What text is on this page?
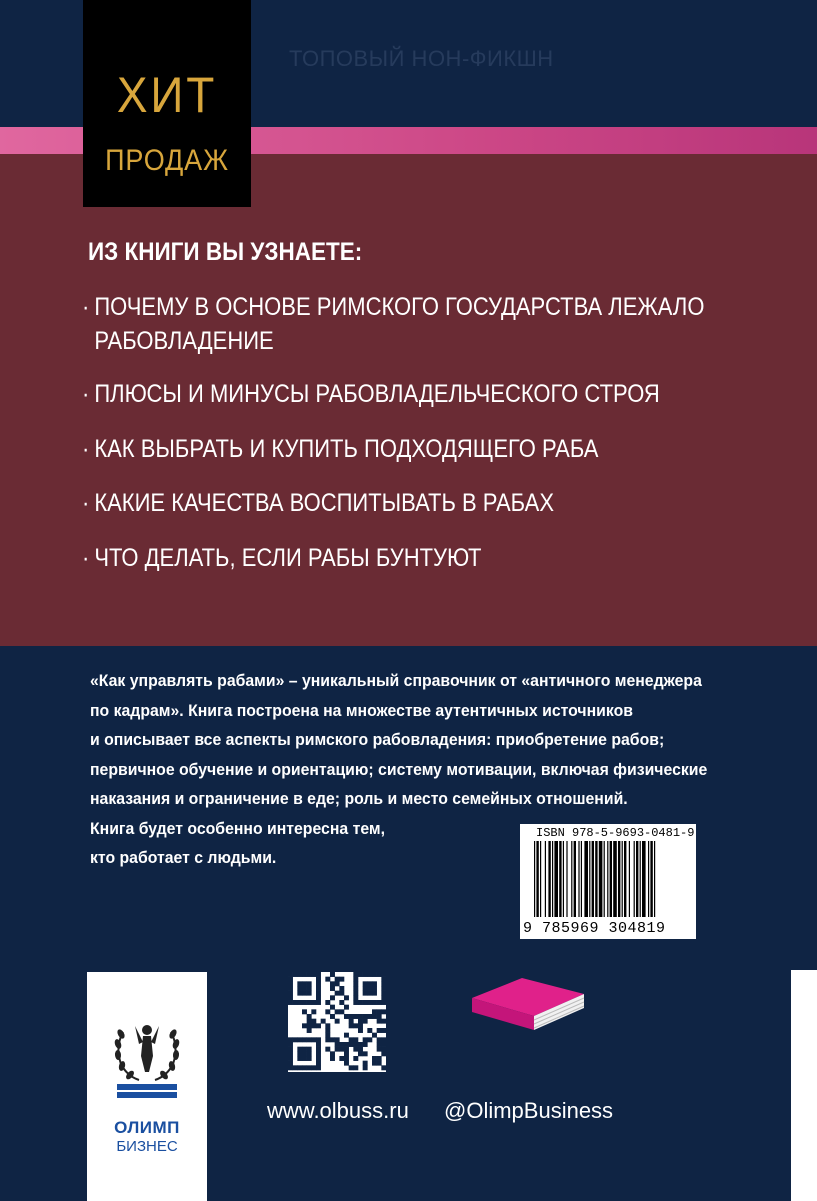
ТОПОВЫЙ НОН-ФИКШН
ХИТ
ПРОДАЖ
ИЗ КНИГИ ВЫ УЗНАЕТЕ:
· ПОЧЕМУ В ОСНОВЕ РИМСКОГО ГОСУДАРСТВА ЛЕЖАЛО
РАБОВЛАДЕНИЕ
· ПЛЮСЫ И МИНУСЫ РАБОВЛАДЕЛЬЧЕСКОГО СТРОЯ
· КАК ВЫБРАТЬ И КУПИТЬ ПОДХОДЯЩЕГО РАБА
· КАКИЕ КАЧЕСТВА ВОСПИТЫВАТЬ В РАБАХ
· ЧТО ДЕЛАТЬ, ЕСЛИ РАБЫ БУНТУЮТ
«Как управлять рабами» – уникальный справочник от «античного менеджера
по кадрам». Книга построена на множестве аутентичных источников
и описывает все аспекты римского рабовладения: приобретение рабов;
первичное обучение и ориентацию; систему мотивации, включая физические
наказания и ограничение в еде; роль и место семейных отношений.
Книга будет особенно интересна тем,
кто работает с людьми.
ISBN 978-5-9693-0481-9
9 785969 304819
ОЛИМП
БИЗНЕС
www.olbuss.ru @OlimpBusiness
